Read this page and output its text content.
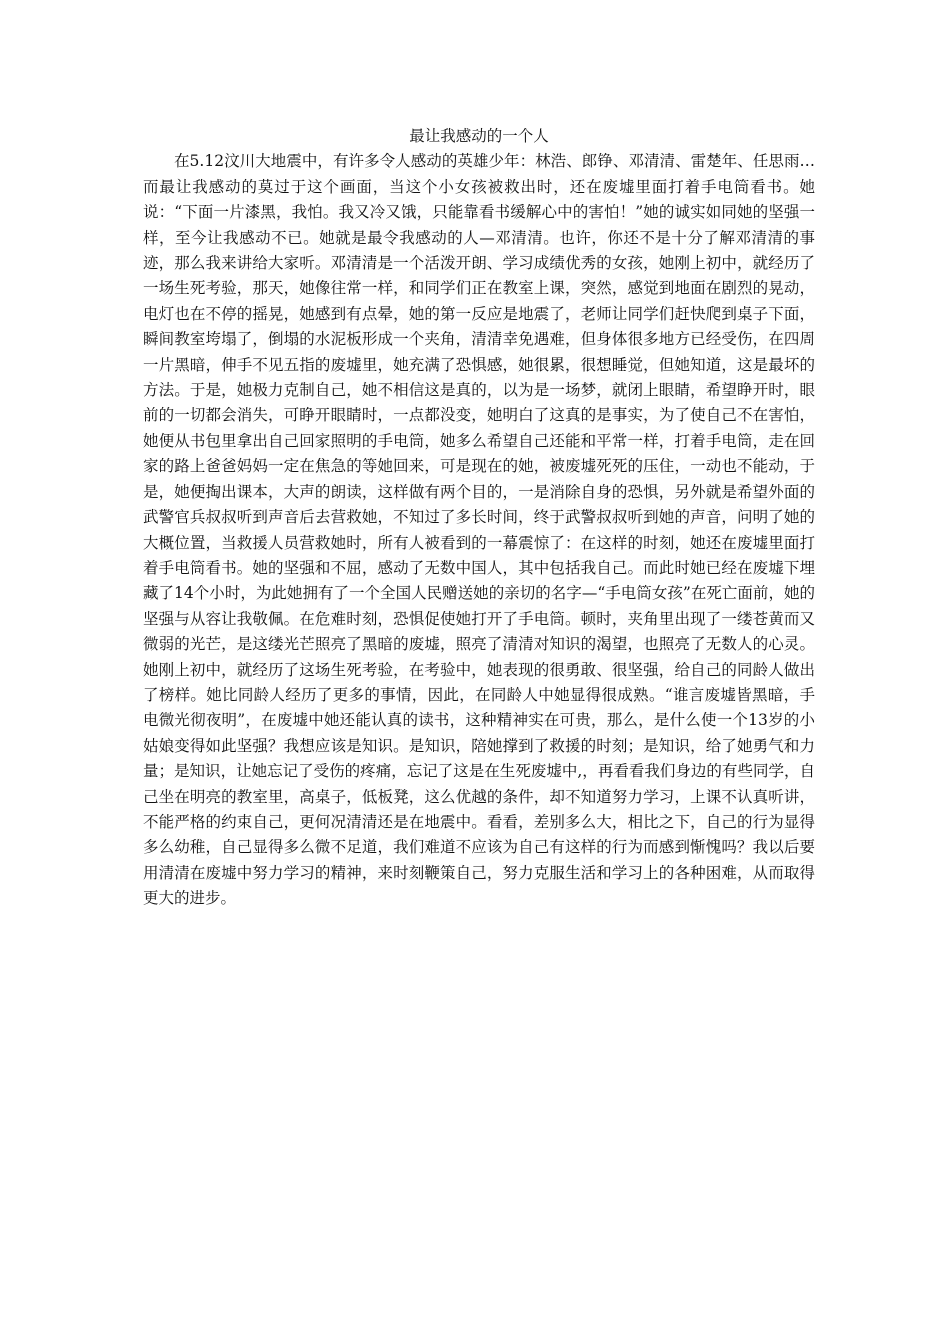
最让我感动的一个人

在5.12汶川大地震中，有许多令人感动的英雄少年：林浩、郎铮、邓清清、雷楚年、任思雨…而最让我感动的莫过于这个画面，当这个小女孩被救出时，还在废墟里面打着手电筒看书。她说：“下面一片漆黑，我怕。我又冷又饿，只能靠看书缓解心中的害怕！”她的诚实如同她的坚强一样，至今让我感动不已。她就是最令我感动的人—邓清清。也许，你还不是十分了解邓清清的事迹，那么我来讲给大家听。邓清清是一个活泼开朗、学习成绩优秀的女孩，她刚上初中，就经历了一场生死考验，那天，她像往常一样，和同学们正在教室上课，突然，感觉到地面在剧烈的晃动，电灯也在不停的摇晃，她感到有点晕，她的第一反应是地震了，老师让同学们赶快爬到桌子下面，瞬间教室垮塌了，倒塌的水泥板形成一个夹角，清清幸免遇难，但身体很多地方已经受伤，在四周一片黑暗，伸手不见五指的废墟里，她充满了恐惧感，她很累，很想睡觉，但她知道，这是最坏的方法。于是，她极力克制自己，她不相信这是真的，以为是一场梦，就闭上眼睛，希望睁开时，眼前的一切都会消失，可睁开眼睛时，一点都没变，她明白了这真的是事实，为了使自己不在害怕，她便从书包里拿出自己回家照明的手电筒，她多么希望自己还能和平常一样，打着手电筒，走在回家的路上爸爸妈妈一定在焦急的等她回来，可是现在的她，被废墟死死的压住，一动也不能动，于是，她便掏出课本，大声的朗读，这样做有两个目的，一是消除自身的恐惧，另外就是希望外面的武警官兵叔叔听到声音后去营救她，不知过了多长时间，终于武警叔叔听到她的声音，问明了她的大概位置，当救援人员营救她时，所有人被看到的一幕震惊了：在这样的时刻，她还在废墟里面打着手电筒看书。她的坚强和不屈，感动了无数中国人，其中包括我自己。而此时她已经在废墟下埋藏了14个小时，为此她拥有了一个全国人民赠送她的亲切的名字—“手电筒女孩”在死亡面前，她的坚强与从容让我敬佩。在危难时刻，恐惧促使她打开了手电筒。顿时，夹角里出现了一缕苍黄而又微弱的光芒，是这缕光芒照亮了黑暗的废墟，照亮了清清对知识的渴望，也照亮了无数人的心灵。她刚上初中，就经历了这场生死考验，在考验中，她表现的很勇敢、很坚强，给自己的同龄人做出了榜样。她比同龄人经历了更多的事情，因此，在同龄人中她显得很成熟。“谁言废墟皆黑暗，手电微光彻夜明”，在废墟中她还能认真的读书，这种精神实在可贵，那么，是什么使一个13岁的小姑娘变得如此坚强？我想应该是知识。是知识，陪她撑到了救援的时刻；是知识，给了她勇气和力量；是知识，让她忘记了受伤的疼痛，忘记了这是在生死废墟中,，再看看我们身边的有些同学，自己坐在明亮的教室里，高桌子，低板凳，这么优越的条件，却不知道努力学习，上课不认真听讲，不能严格的约束自己，更何况清清还是在地震中。看看，差别多么大，相比之下，自己的行为显得多么幼稚，自己显得多么微不足道，我们难道不应该为自己有这样的行为而感到惭愧吗？我以后要用清清在废墟中努力学习的精神，来时刻鞭策自己，努力克服生活和学习上的各种困难，从而取得更大的进步。
